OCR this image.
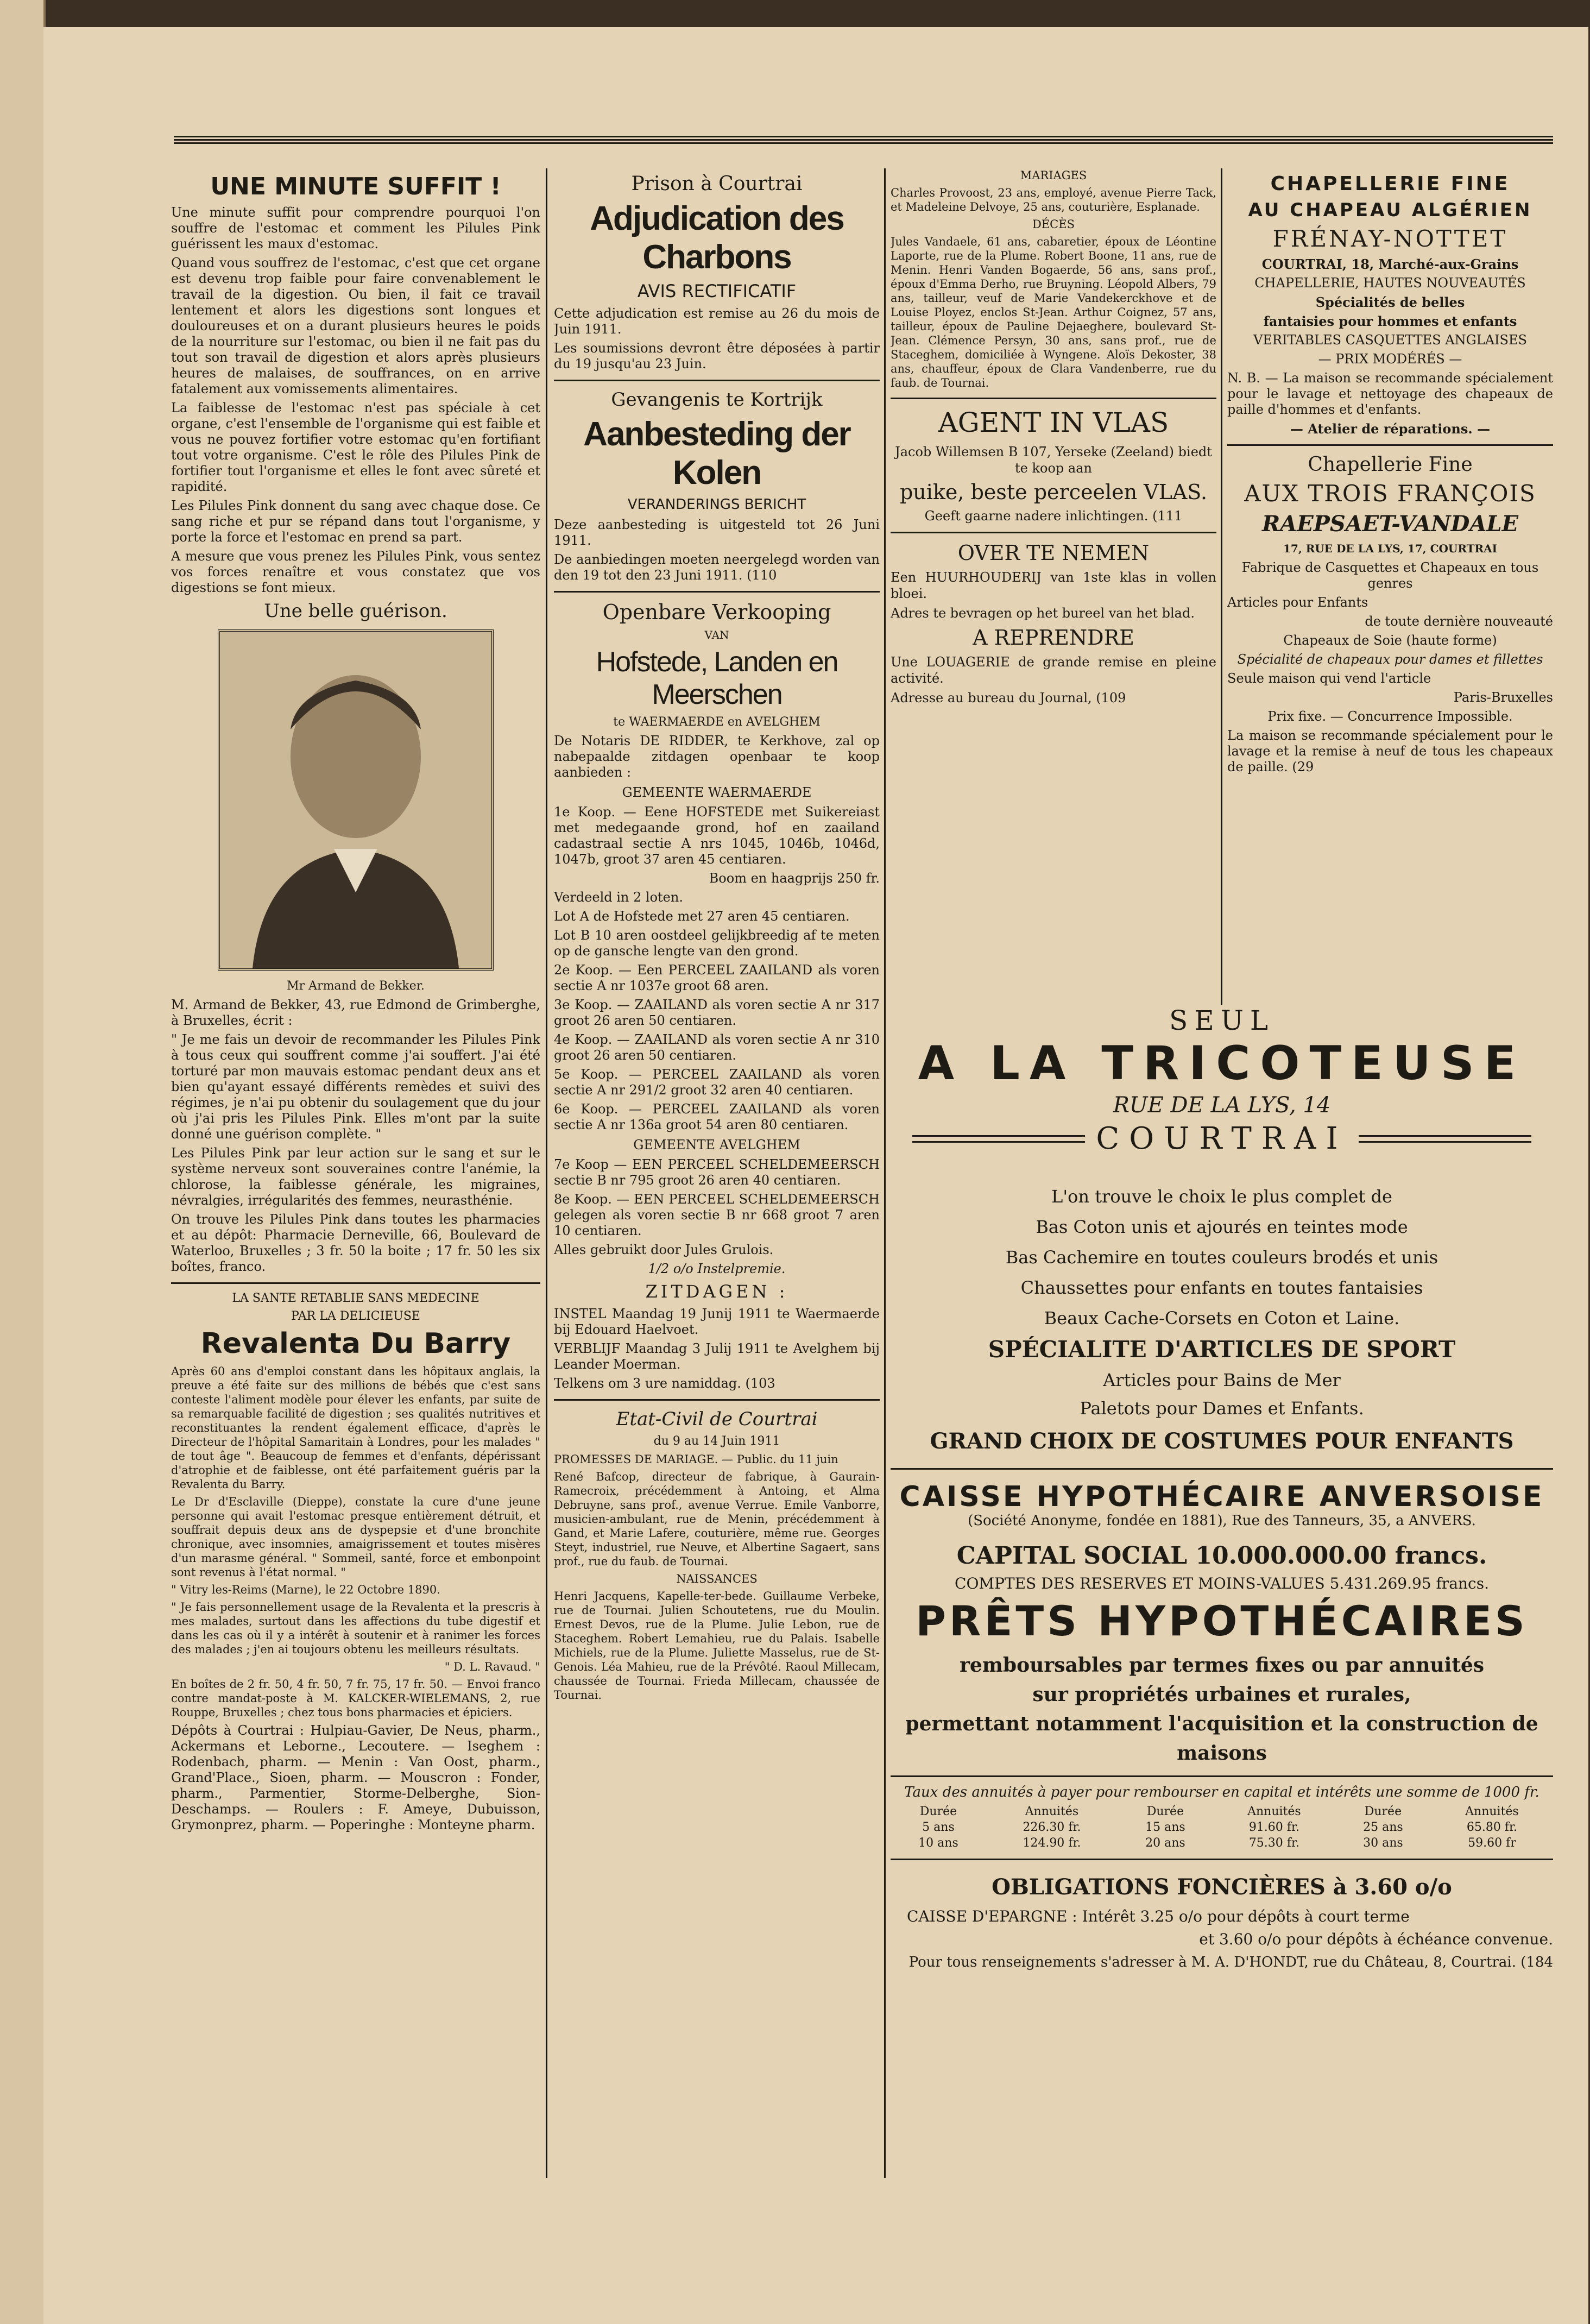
UNE MINUTE SUFFIT !

Une minute suffit pour comprendre pourquoi l'on souffre de l'estomac et comment les Pilules Pink guérissent les maux d'estomac.

Quand vous souffrez de l'estomac, c'est que cet organe est devenu trop faible pour faire convenablement le travail de la digestion. Ou bien, il fait ce travail lentement et alors les digestions sont longues et douloureuses et on a durant plusieurs heures le poids de la nourriture sur l'estomac, ou bien il ne fait pas du tout son travail de digestion et alors après plusieurs heures de malaises, de souffrances, on en arrive fatalement aux vomissements alimentaires.

La faiblesse de l'estomac n'est pas spéciale à cet organe, c'est l'ensemble de l'organisme qui est faible et vous ne pouvez fortifier votre estomac qu'en fortifiant tout votre organisme. C'est le rôle des Pilules Pink de fortifier tout l'organisme et elles le font avec sûreté et rapidité.

Les Pilules Pink donnent du sang avec chaque dose. Ce sang riche et pur se répand dans tout l'organisme, y porte la force et l'estomac en prend sa part.

A mesure que vous prenez les Pilules Pink, vous sentez vos forces renaître et vous constatez que vos digestions se font mieux.

Une belle guérison.

Mr Armand de Bekker.

M. Armand de Bekker, 43, rue Edmond de Grimberghe, à Bruxelles, écrit :

" Je me fais un devoir de recommander les Pilules Pink à tous ceux qui souffrent comme j'ai souffert. J'ai été torturé par mon mauvais estomac pendant deux ans et bien qu'ayant essayé différents remèdes et suivi des régimes, je n'ai pu obtenir du soulagement que du jour où j'ai pris les Pilules Pink. Elles m'ont par la suite donné une guérison complète. "

Les Pilules Pink par leur action sur le sang et sur le système nerveux sont souveraines contre l'anémie, la chlorose, la faiblesse générale, les migraines, névralgies, irrégularités des femmes, neurasthénie.

On trouve les Pilules Pink dans toutes les pharmacies et au dépôt: Pharmacie Derneville, 66, Boulevard de Waterloo, Bruxelles ; 3 fr. 50 la boite ; 17 fr. 50 les six boîtes, franco.

LA SANTE RETABLIE SANS MEDECINE
PAR LA DELICIEUSE
Revalenta Du Barry

Après 60 ans d'emploi constant dans les hôpitaux anglais, la preuve a été faite sur des millions de bébés que c'est sans conteste l'aliment modèle pour élever les enfants, par suite de sa remarquable facilité de digestion ; ses qualités nutritives et reconstituantes la rendent également efficace, d'après le Directeur de l'hôpital Samaritain à Londres, pour les malades " de tout âge ". Beaucoup de femmes et d'enfants, dépérissant d'atrophie et de faiblesse, ont été parfaitement guéris par la Revalenta du Barry.

Le Dr d'Esclaville (Dieppe), constate la cure d'une jeune personne qui avait l'estomac presque entièrement détruit, et souffrait depuis deux ans de dyspepsie et d'une bronchite chronique, avec insomnies, amaigrissement et toutes misères d'un marasme général. " Sommeil, santé, force et embonpoint sont revenus à l'état normal. "

" Vitry les-Reims (Marne), le 22 Octobre 1890.

" Je fais personnellement usage de la Revalenta et la prescris à mes malades, surtout dans les affections du tube digestif et dans les cas où il y a intérêt à soutenir et à ranimer les forces des malades ; j'en ai toujours obtenu les meilleurs résultats.

" D. L. Ravaud. "

En boîtes de 2 fr. 50, 4 fr. 50, 7 fr. 75, 17 fr. 50. — Envoi franco contre mandat-poste à M. KALCKER-WIELEMANS, 2, rue Rouppe, Bruxelles ; chez tous bons pharmacies et épiciers.

Dépôts à Courtrai : Hulpiau-Gavier, De Neus, pharm., Ackermans et Leborne., Lecoutere. — Iseghem : Rodenbach, pharm. — Menin : Van Oost, pharm., Grand'Place., Sioen, pharm. — Mouscron : Fonder, pharm., Parmentier, Storme-Delberghe, Sion-Deschamps. — Roulers : F. Ameye, Dubuisson, Grymonprez, pharm. — Poperinghe : Monteyne pharm.

Prison à Courtrai
Adjudication des Charbons
AVIS RECTIFICATIF

Cette adjudication est remise au 26 du mois de Juin 1911.

Les soumissions devront être déposées à partir du 19 jusqu'au 23 Juin.

Gevangenis te Kortrijk
Aanbesteding der Kolen
VERANDERINGS BERICHT

Deze aanbesteding is uitgesteld tot 26 Juni 1911.

De aanbiedingen moeten neergelegd worden van den 19 tot den 23 Juni 1911. (110

Openbare Verkooping
VAN
Hofstede, Landen en Meerschen
te WAERMAERDE en AVELGHEM

De Notaris DE RIDDER, te Kerkhove, zal op nabepaalde zitdagen openbaar te koop aanbieden :

GEMEENTE WAERMAERDE

1e Koop. — Eene HOFSTEDE met Suikereiast met medegaande grond, hof en zaailand cadastraal sectie A nrs 1045, 1046b, 1046d, 1047b, groot 37 aren 45 centiaren.

Boom en haagprijs 250 fr.

Verdeeld in 2 loten.

Lot A de Hofstede met 27 aren 45 centiaren.

Lot B 10 aren oostdeel gelijkbreedig af te meten op de gansche lengte van den grond.

2e Koop. — Een PERCEEL ZAAILAND als voren sectie A nr 1037e groot 68 aren.

3e Koop. — ZAAILAND als voren sectie A nr 317 groot 26 aren 50 centiaren.

4e Koop. — ZAAILAND als voren sectie A nr 310 groot 26 aren 50 centiaren.

5e Koop. — PERCEEL ZAAILAND als voren sectie A nr 291/2 groot 32 aren 40 centiaren.

6e Koop. — PERCEEL ZAAILAND als voren sectie A nr 136a groot 54 aren 80 centiaren.

GEMEENTE AVELGHEM

7e Koop — EEN PERCEEL SCHELDEMEERSCH sectie B nr 795 groot 26 aren 40 centiaren.

8e Koop. — EEN PERCEEL SCHELDEMEERSCH gelegen als voren sectie B nr 668 groot 7 aren 10 centiaren.

Alles gebruikt door Jules Grulois.

1/2 o/o Instelpremie.

ZITDAGEN :

INSTEL Maandag 19 Junij 1911 te Waermaerde bij Edouard Haelvoet.

VERBLIJF Maandag 3 Julij 1911 te Avelghem bij Leander Moerman.

Telkens om 3 ure namiddag. (103

Etat-Civil de Courtrai
du 9 au 14 Juin 1911

PROMESSES DE MARIAGE. — Public. du 11 juin

René Bafcop, directeur de fabrique, à Gaurain-Ramecroix, précédemment à Antoing, et Alma Debruyne, sans prof., avenue Verrue. Emile Vanborre, musicien-ambulant, rue de Menin, précédemment à Gand, et Marie Lafere, couturière, même rue. Georges Steyt, industriel, rue Neuve, et Albertine Sagaert, sans prof., rue du faub. de Tournai.

NAISSANCES

Henri Jacquens, Kapelle-ter-bede. Guillaume Verbeke, rue de Tournai. Julien Schoutetens, rue du Moulin. Ernest Devos, rue de la Plume. Julie Lebon, rue de Staceghem. Robert Lemahieu, rue du Palais. Isabelle Michiels, rue de la Plume. Juliette Masselus, rue de St-Genois. Léa Mahieu, rue de la Prévôté. Raoul Millecam, chaussée de Tournai. Frieda Millecam, chaussée de Tournai.

MARIAGES

Charles Provoost, 23 ans, employé, avenue Pierre Tack, et Madeleine Delvoye, 25 ans, couturière, Esplanade.

DÉCÈS

Jules Vandaele, 61 ans, cabaretier, époux de Léontine Laporte, rue de la Plume. Robert Boone, 11 ans, rue de Menin. Henri Vanden Bogaerde, 56 ans, sans prof., époux d'Emma Derho, rue Bruyning. Léopold Albers, 79 ans, tailleur, veuf de Marie Vandekerckhove et de Louise Ployez, enclos St-Jean. Arthur Coignez, 57 ans, tailleur, époux de Pauline Dejaeghere, boulevard St-Jean. Clémence Persyn, 30 ans, sans prof., rue de Staceghem, domiciliée à Wyngene. Aloïs Dekoster, 38 ans, chauffeur, époux de Clara Vandenberre, rue du faub. de Tournai.

AGENT IN VLAS

Jacob Willemsen B 107, Yerseke (Zeeland) biedt te koop aan

puike, beste perceelen VLAS.

Geeft gaarne nadere inlichtingen. (111

OVER TE NEMEN

Een HUURHOUDERIJ van 1ste klas in vollen bloei.

Adres te bevragen op het bureel van het blad.

A REPRENDRE

Une LOUAGERIE de grande remise en pleine activité.

Adresse au bureau du Journal, (109

CHAPELLERIE FINE
AU CHAPEAU ALGÉRIEN
FRÉNAY-NOTTET

COURTRAI, 18, Marché-aux-Grains

CHAPELLERIE, HAUTES NOUVEAUTÉS

Spécialités de belles

fantaisies pour hommes et enfants

VERITABLES CASQUETTES ANGLAISES

— PRIX MODÉRÉS —

N. B. — La maison se recommande spécialement pour le lavage et nettoyage des chapeaux de paille d'hommes et d'enfants.

— Atelier de réparations. —

Chapellerie Fine
AUX TROIS FRANÇOIS
RAEPSAET-VANDALE

17, RUE DE LA LYS, 17, COURTRAI

Fabrique de Casquettes et Chapeaux en tous genres

Articles pour Enfants

de toute dernière nouveauté

Chapeaux de Soie (haute forme)

Spécialité de chapeaux pour dames et fillettes

Seule maison qui vend l'article

Paris-Bruxelles

Prix fixe. — Concurrence Impossible.

La maison se recommande spécialement pour le lavage et la remise à neuf de tous les chapeaux de paille. (29

SEUL
A LA TRICOTEUSE
RUE DE LA LYS, 14
COURTRAI

L'on trouve le choix le plus complet de

Bas Coton unis et ajourés en teintes mode

Bas Cachemire en toutes couleurs brodés et unis

Chaussettes pour enfants en toutes fantaisies

Beaux Cache-Corsets en Coton et Laine.

SPÉCIALITE D'ARTICLES DE SPORT

Articles pour Bains de Mer

Paletots pour Dames et Enfants.

GRAND CHOIX DE COSTUMES POUR ENFANTS

CAISSE HYPOTHÉCAIRE ANVERSOISE

(Société Anonyme, fondée en 1881), Rue des Tanneurs, 35, a ANVERS.

CAPITAL SOCIAL 10.000.000.00 francs.

COMPTES DES RESERVES ET MOINS-VALUES 5.431.269.95 francs.

PRÊTS HYPOTHÉCAIRES

remboursables par termes fixes ou par annuités

sur propriétés urbaines et rurales,

permettant notamment l'acquisition et la construction de maisons

Taux des annuités à payer pour rembourser en capital et intérêts une somme de 1000 fr.

Durée	Annuités	Durée	Annuités	Durée	Annuités
5 ans	226.30 fr.	15 ans	91.60 fr.	25 ans	65.80 fr.
10 ans	124.90 fr.	20 ans	75.30 fr.	30 ans	59.60 fr

OBLIGATIONS FONCIÈRES à 3.60 o/o

CAISSE D'EPARGNE : Intérêt 3.25 o/o pour dépôts à court terme

et 3.60 o/o pour dépôts à échéance convenue.

Pour tous renseignements s'adresser à M. A. D'HONDT, rue du Château, 8, Courtrai. (184
